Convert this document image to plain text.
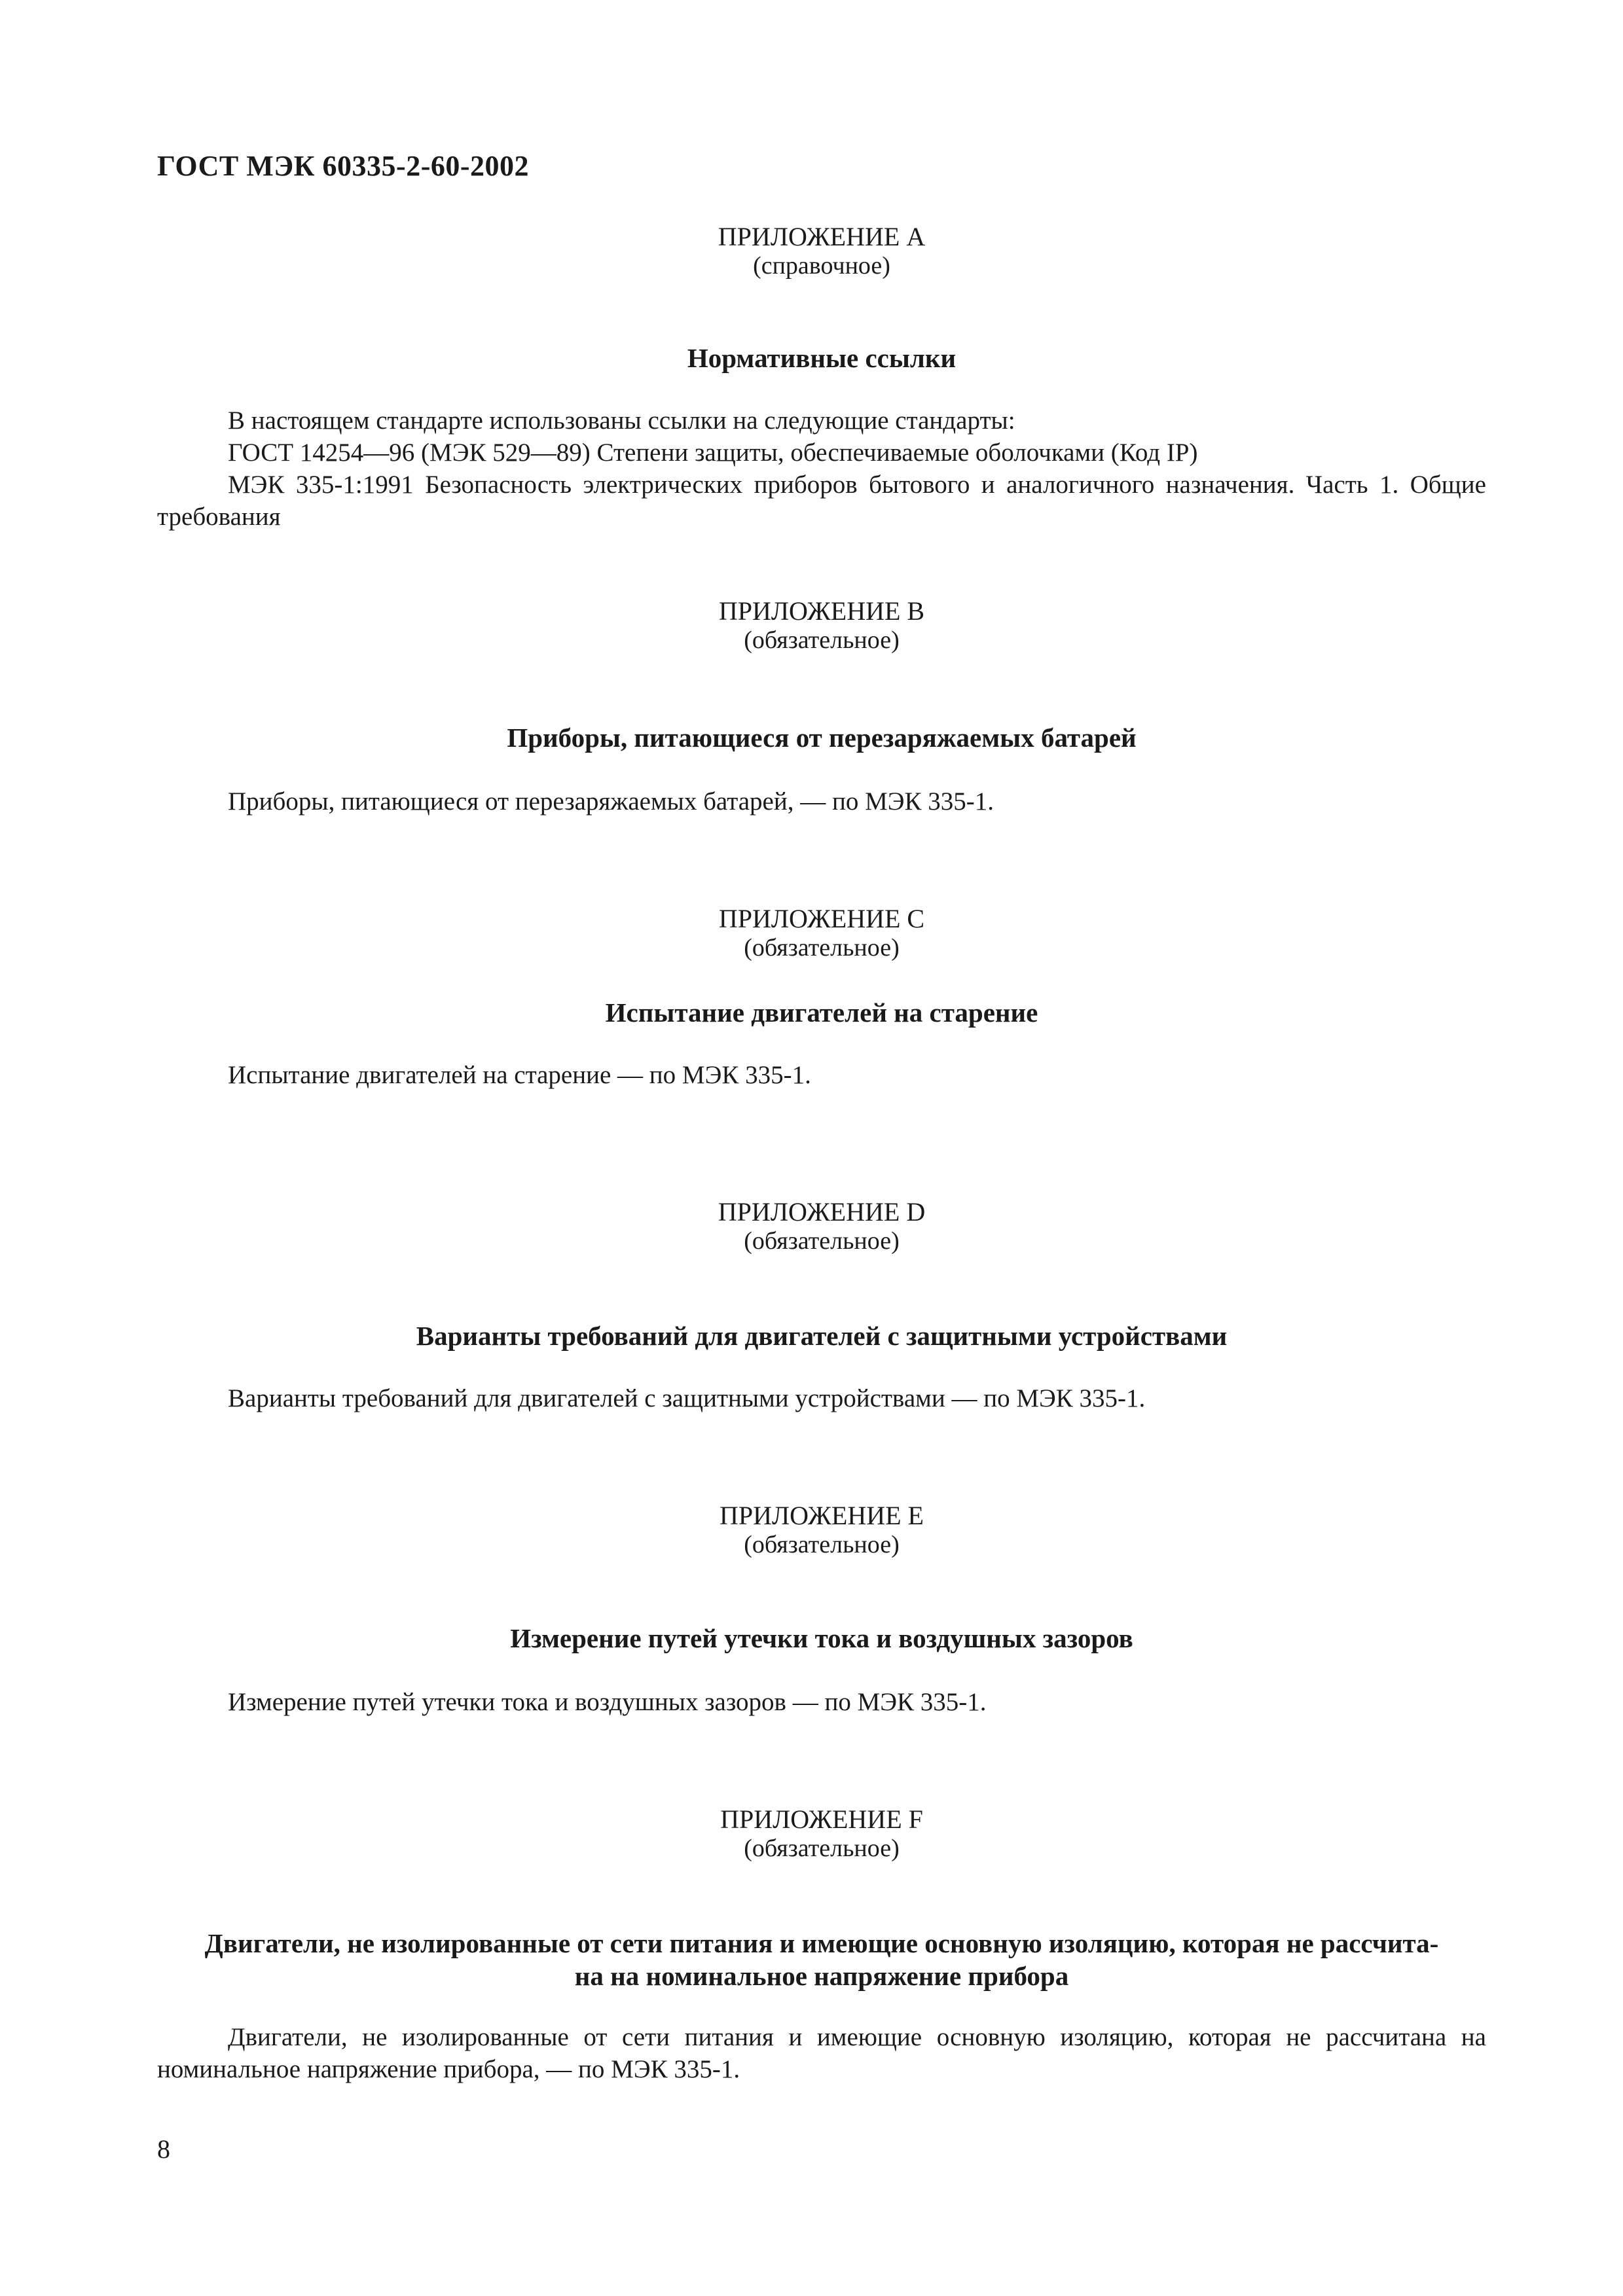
ГОСТ МЭК 60335-2-60-2002
ПРИЛОЖЕНИЕ А
(справочное)
Нормативные ссылки
В настоящем стандарте использованы ссылки на следующие стандарты:
ГОСТ 14254—96 (МЭК 529—89) Степени защиты, обеспечиваемые оболочками (Код IP)
МЭК 335-1:1991 Безопасность электрических приборов бытового и аналогичного назначения. Часть 1. Общие требования
ПРИЛОЖЕНИЕ В
(обязательное)
Приборы, питающиеся от перезаряжаемых батарей
Приборы, питающиеся от перезаряжаемых батарей, — по МЭК 335-1.
ПРИЛОЖЕНИЕ С
(обязательное)
Испытание двигателей на старение
Испытание двигателей на старение — по МЭК 335-1.
ПРИЛОЖЕНИЕ D
(обязательное)
Варианты требований для двигателей с защитными устройствами
Варианты требований для двигателей с защитными устройствами — по МЭК 335-1.
ПРИЛОЖЕНИЕ Е
(обязательное)
Измерение путей утечки тока и воздушных зазоров
Измерение путей утечки тока и воздушных зазоров — по МЭК 335-1.
ПРИЛОЖЕНИЕ F
(обязательное)
Двигатели, не изолированные от сети питания и имеющие основную изоляцию, которая не рассчита-
на на номинальное напряжение прибора
Двигатели, не изолированные от сети питания и имеющие основную изоляцию, которая не рассчитана на номинальное напряжение прибора, — по МЭК 335-1.
8
